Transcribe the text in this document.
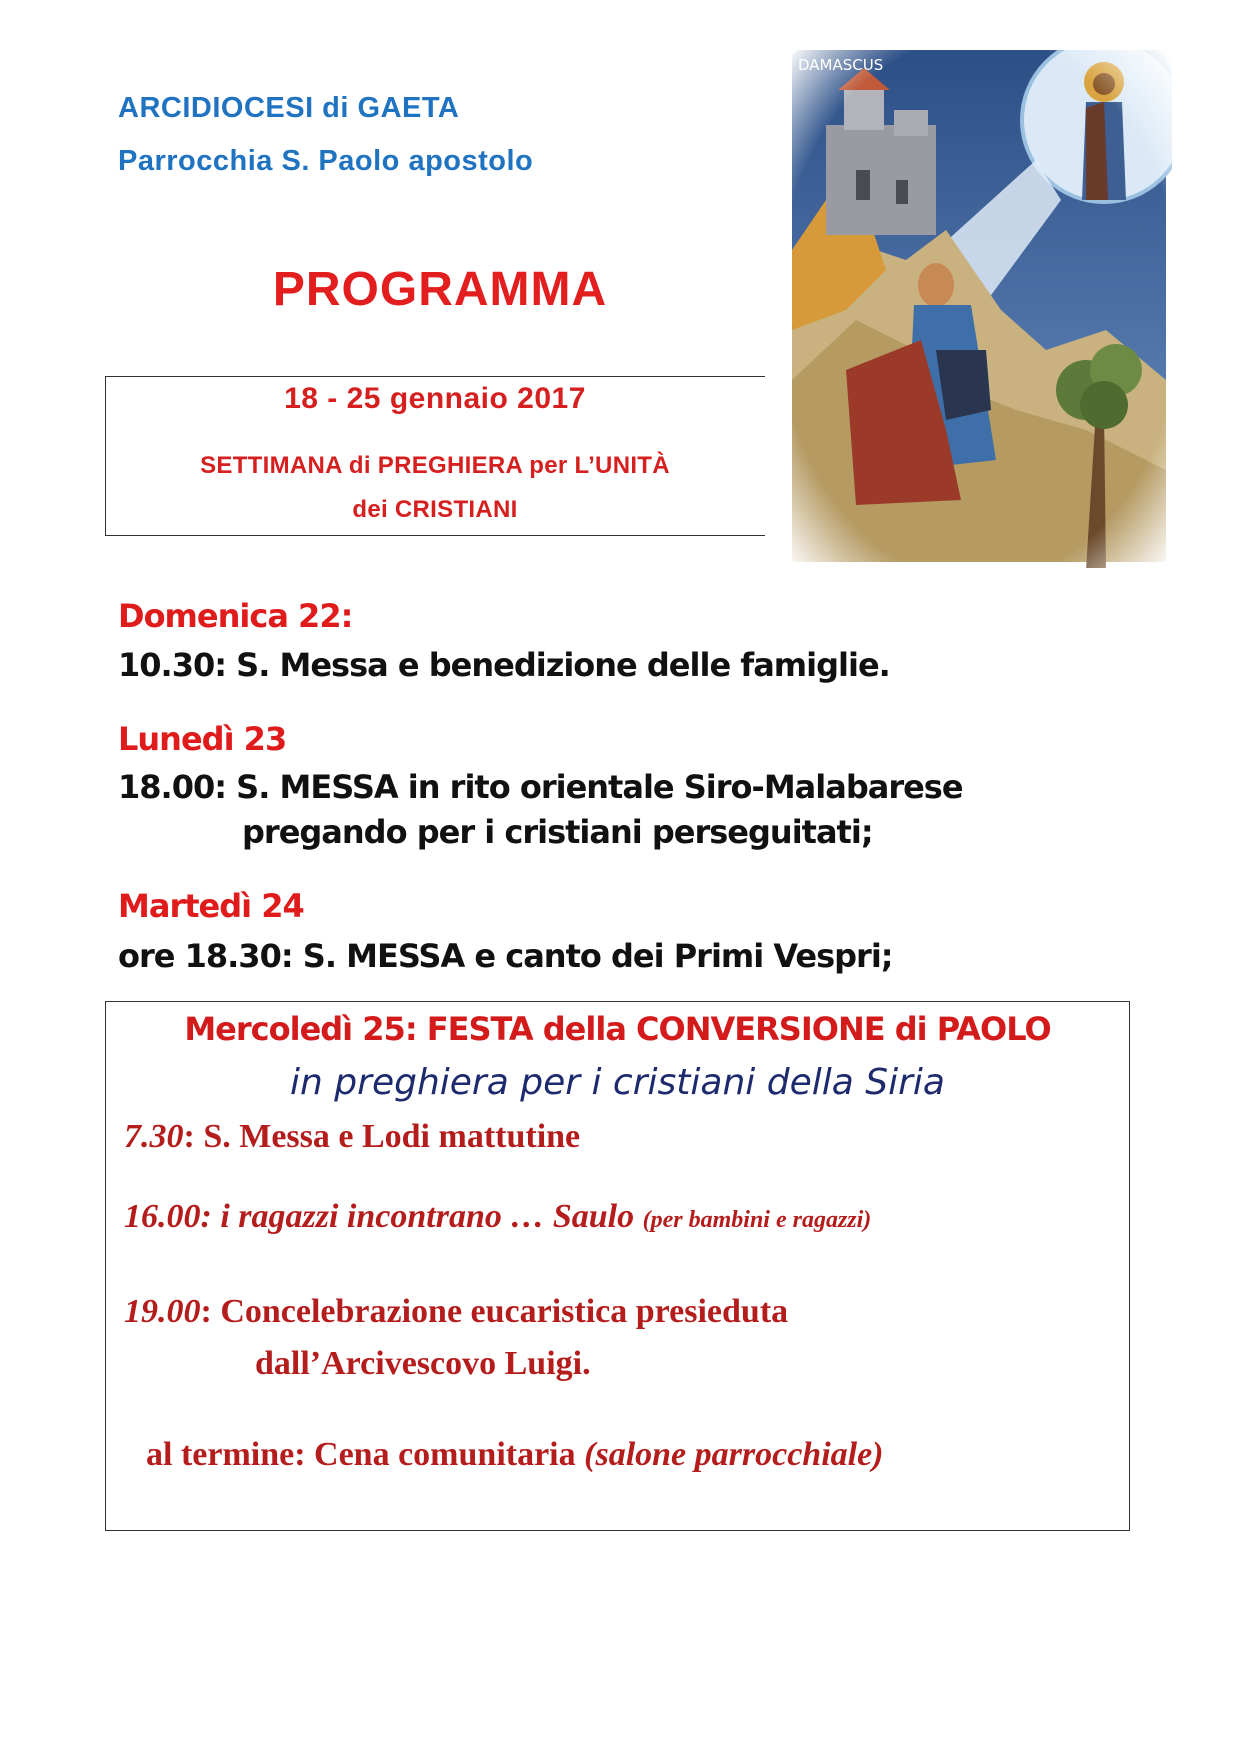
ARCIDIOCESI di GAETA
Parrocchia S. Paolo apostolo
PROGRAMMA
18 - 25 gennaio 2017
SETTIMANA di PREGHIERA per L’UNITÀ
dei CRISTIANI
Domenica 22:
10.30: S. Messa e benedizione delle famiglie.
Lunedì 23
18.00: S. MESSA in rito orientale Siro-Malabarese
pregando per i cristiani perseguitati;
Martedì 24
ore 18.30: S. MESSA e canto dei Primi Vespri;
Mercoledì 25: FESTA della CONVERSIONE di PAOLO
in preghiera per i cristiani della Siria
7.30: S. Messa e Lodi mattutine
16.00: i ragazzi incontrano … Saulo (per bambini e ragazzi)
19.00: Concelebrazione eucaristica presieduta
dall’Arcivescovo Luigi.
al termine: Cena comunitaria (salone parrocchiale)
